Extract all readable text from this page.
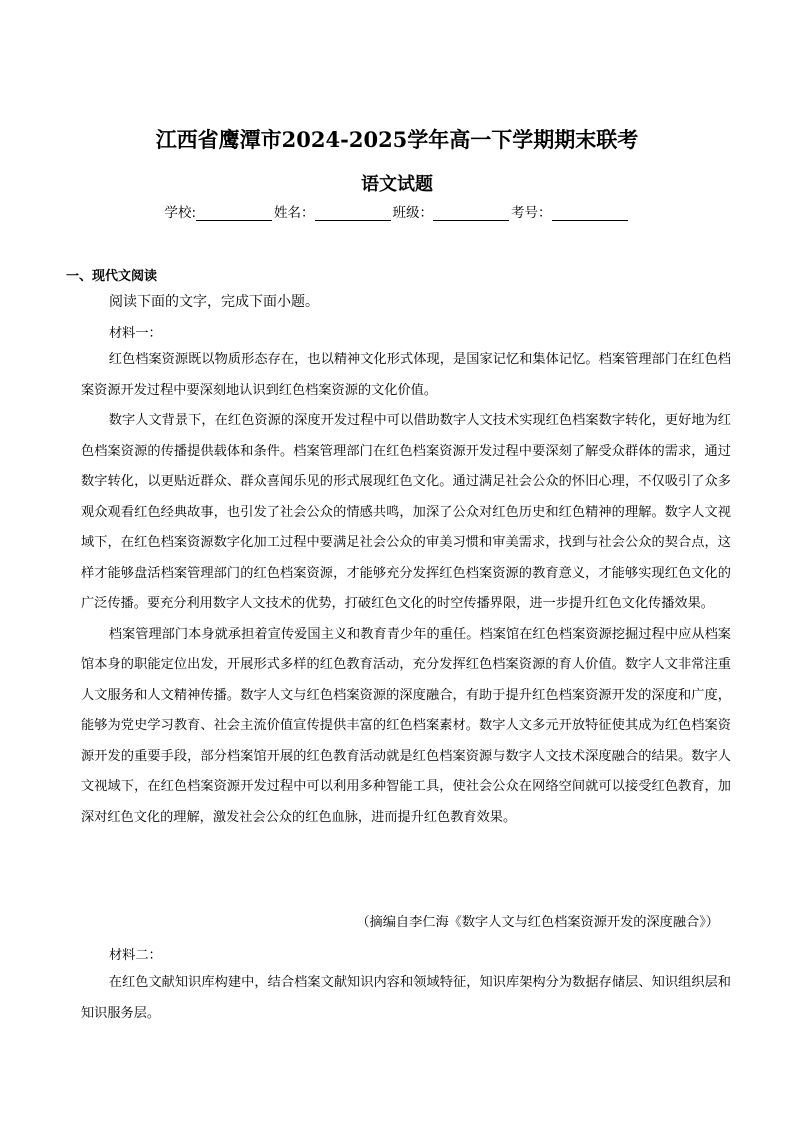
江西省鹰潭市2024-2025学年高一下学期期末联考
语文试题
学校:	姓名：	班级：	考号：
一、现代文阅读
阅读下面的文字，完成下面小题。
材料一：

红色档案资源既以物质形态存在，也以精神文化形式体现，是国家记忆和集体记忆。档案管理部门在红色档案资源开发过程中要深刻地认识到红色档案资源的文化价值。

数字人文背景下，在红色资源的深度开发过程中可以借助数字人文技术实现红色档案数字转化，更好地为红色档案资源的传播提供载体和条件。档案管理部门在红色档案资源开发过程中要深刻了解受众群体的需求，通过数字转化，以更贴近群众、群众喜闻乐见的形式展现红色文化。通过满足社会公众的怀旧心理，不仅吸引了众多观众观看红色经典故事，也引发了社会公众的情感共鸣，加深了公众对红色历史和红色精神的理解。数字人文视域下，在红色档案资源数字化加工过程中要满足社会公众的审美习惯和审美需求，找到与社会公众的契合点，这样才能够盘活档案管理部门的红色档案资源，才能够充分发挥红色档案资源的教育意义，才能够实现红色文化的广泛传播。要充分利用数字人文技术的优势，打破红色文化的时空传播界限，进一步提升红色文化传播效果。

档案管理部门本身就承担着宣传爱国主义和教育青少年的重任。档案馆在红色档案资源挖掘过程中应从档案馆本身的职能定位出发，开展形式多样的红色教育活动，充分发挥红色档案资源的育人价值。数字人文非常注重人文服务和人文精神传播。数字人文与红色档案资源的深度融合，有助于提升红色档案资源开发的深度和广度，能够为党史学习教育、社会主流价值宣传提供丰富的红色档案素材。数字人文多元开放特征使其成为红色档案资源开发的重要手段，部分档案馆开展的红色教育活动就是红色档案资源与数字人文技术深度融合的结果。数字人文视域下，在红色档案资源开发过程中可以利用多种智能工具，使社会公众在网络空间就可以接受红色教育，加深对红色文化的理解，激发社会公众的红色血脉，进而提升红色教育效果。

（摘编自李仁海《数字人文与红色档案资源开发的深度融合》）
材料二：

在红色文献知识库构建中，结合档案文献知识内容和领域特征，知识库架构分为数据存储层、知识组织层和知识服务层。
